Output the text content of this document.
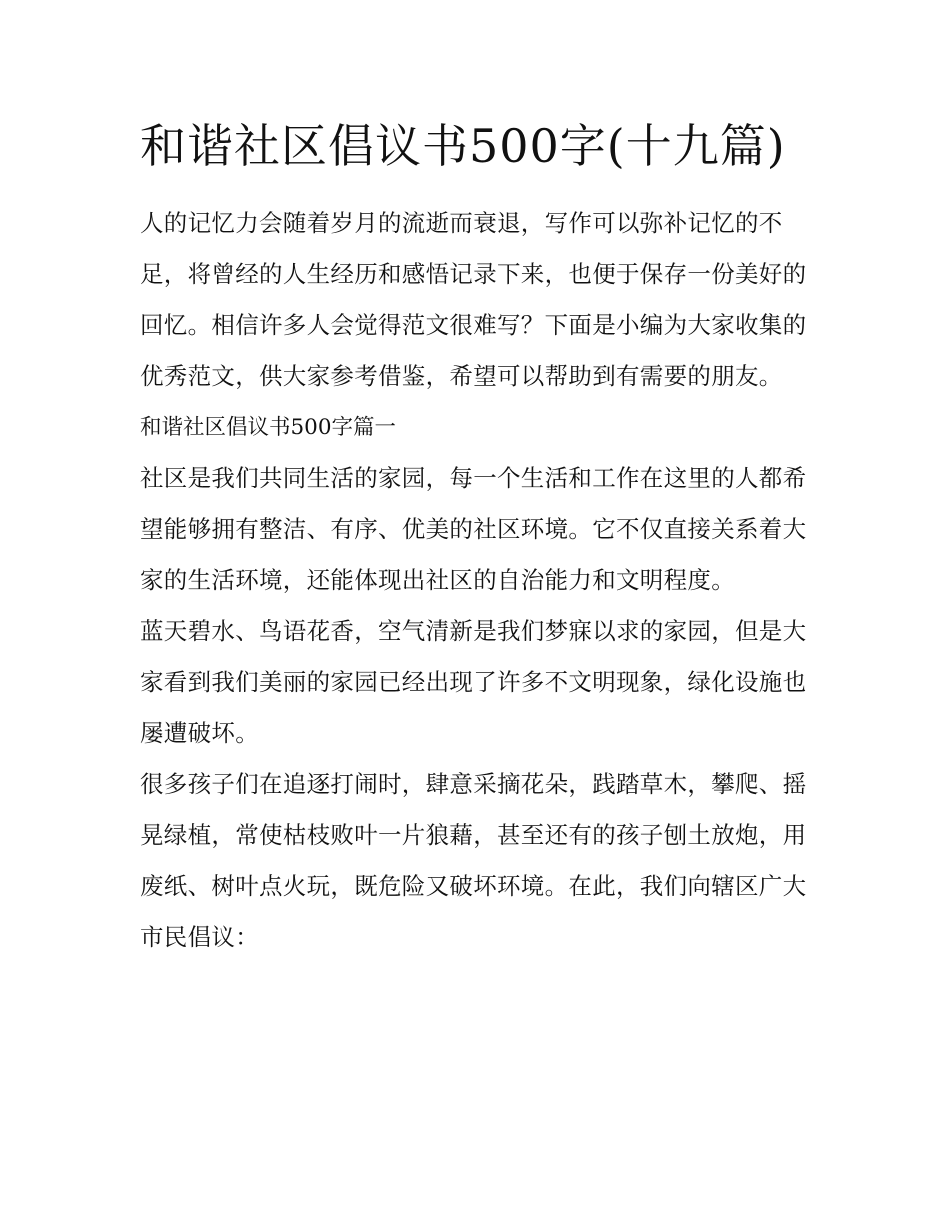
和谐社区倡议书500字(十九篇)

人的记忆力会随着岁月的流逝而衰退，写作可以弥补记忆的不足，将曾经的人生经历和感悟记录下来，也便于保存一份美好的回忆。相信许多人会觉得范文很难写？下面是小编为大家收集的优秀范文，供大家参考借鉴，希望可以帮助到有需要的朋友。

和谐社区倡议书500字篇一

社区是我们共同生活的家园，每一个生活和工作在这里的人都希望能够拥有整洁、有序、优美的社区环境。它不仅直接关系着大家的生活环境，还能体现出社区的自治能力和文明程度。

蓝天碧水、鸟语花香，空气清新是我们梦寐以求的家园，但是大家看到我们美丽的家园已经出现了许多不文明现象，绿化设施也屡遭破坏。

很多孩子们在追逐打闹时，肆意采摘花朵，践踏草木，攀爬、摇晃绿植，常使枯枝败叶一片狼藉，甚至还有的孩子刨土放炮，用废纸、树叶点火玩，既危险又破坏环境。在此，我们向辖区广大市民倡议：
